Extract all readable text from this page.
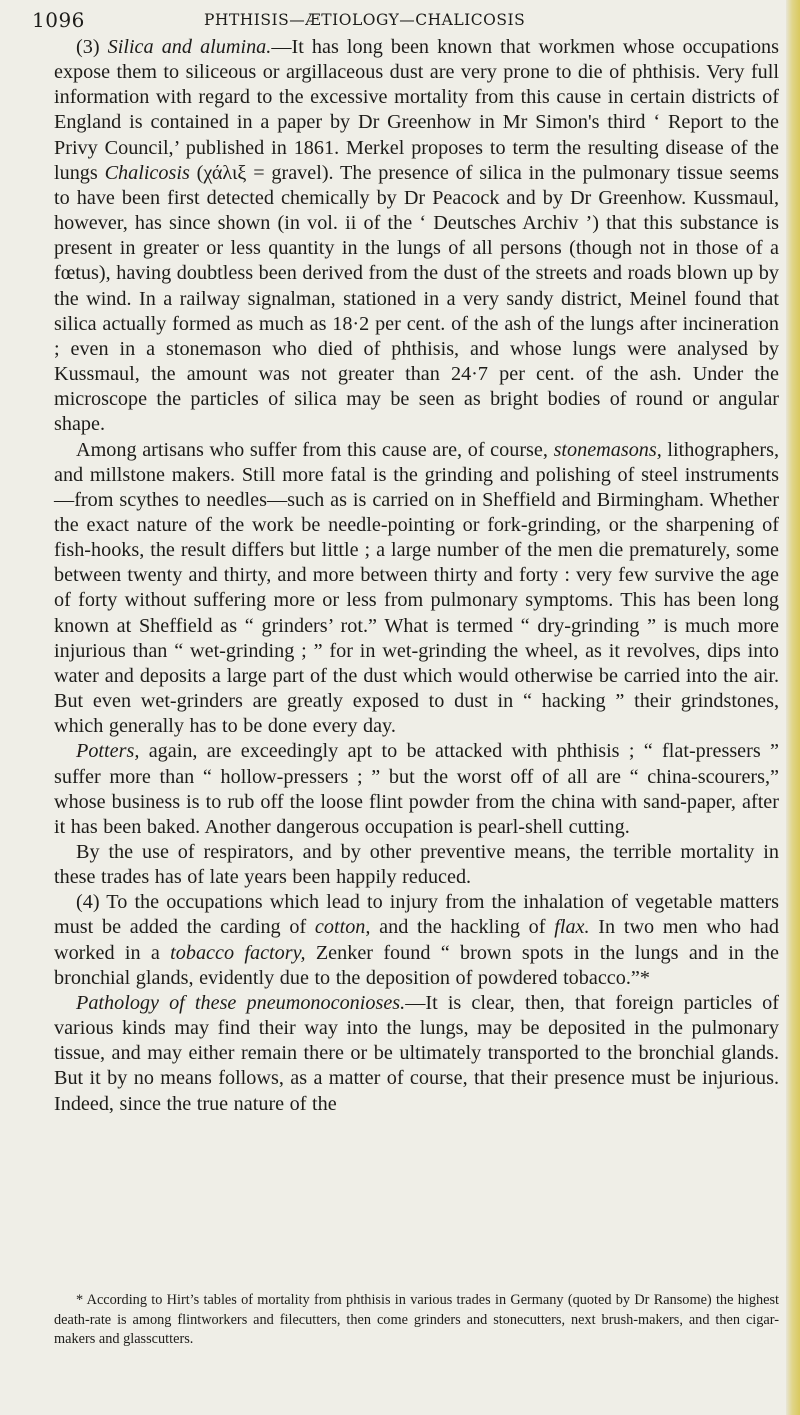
1096	PHTHISIS—ÆTIOLOGY—CHALICOSIS

(3) Silica and alumina.—It has long been known that workmen whose occupations expose them to siliceous or argillaceous dust are very prone to die of phthisis. Very full information with regard to the excessive mortality from this cause in certain districts of England is contained in a paper by Dr Greenhow in Mr Simon's third ‘ Report to the Privy Council,’ published in 1861. Merkel proposes to term the resulting disease of the lungs Chalicosis (χάλιξ = gravel). The presence of silica in the pulmonary tissue seems to have been first detected chemically by Dr Peacock and by Dr Greenhow. Kussmaul, however, has since shown (in vol. ii of the ‘ Deutsches Archiv ’) that this substance is present in greater or less quantity in the lungs of all persons (though not in those of a fœtus), having doubtless been derived from the dust of the streets and roads blown up by the wind. In a railway signalman, stationed in a very sandy district, Meinel found that silica actually formed as much as 18·2 per cent. of the ash of the lungs after incineration ; even in a stonemason who died of phthisis, and whose lungs were analysed by Kussmaul, the amount was not greater than 24·7 per cent. of the ash. Under the microscope the particles of silica may be seen as bright bodies of round or angular shape.

Among artisans who suffer from this cause are, of course, stonemasons, lithographers, and millstone makers. Still more fatal is the grinding and polishing of steel instruments—from scythes to needles—such as is carried on in Sheffield and Birmingham. Whether the exact nature of the work be needle-pointing or fork-grinding, or the sharpening of fish-hooks, the result differs but little ; a large number of the men die prematurely, some between twenty and thirty, and more between thirty and forty : very few survive the age of forty without suffering more or less from pulmonary symptoms. This has been long known at Sheffield as “ grinders’ rot.” What is termed “ dry-grinding ” is much more injurious than “ wet-grinding ; ” for in wet-grinding the wheel, as it revolves, dips into water and deposits a large part of the dust which would otherwise be carried into the air. But even wet-grinders are greatly exposed to dust in “ hacking ” their grindstones, which generally has to be done every day.

Potters, again, are exceedingly apt to be attacked with phthisis ; “ flat-pressers ” suffer more than “ hollow-pressers ; ” but the worst off of all are “ china-scourers,” whose business is to rub off the loose flint powder from the china with sand-paper, after it has been baked. Another dangerous occupation is pearl-shell cutting.

By the use of respirators, and by other preventive means, the terrible mortality in these trades has of late years been happily reduced.

(4) To the occupations which lead to injury from the inhalation of vegetable matters must be added the carding of cotton, and the hackling of flax. In two men who had worked in a tobacco factory, Zenker found “ brown spots in the lungs and in the bronchial glands, evidently due to the deposition of powdered tobacco.”*

Pathology of these pneumonoconioses.—It is clear, then, that foreign particles of various kinds may find their way into the lungs, may be deposited in the pulmonary tissue, and may either remain there or be ultimately transported to the bronchial glands. But it by no means follows, as a matter of course, that their presence must be injurious. Indeed, since the true nature of the

* According to Hirt’s tables of mortality from phthisis in various trades in Germany (quoted by Dr Ransome) the highest death-rate is among flintworkers and filecutters, then come grinders and stonecutters, next brush-makers, and then cigar-makers and glasscutters.
